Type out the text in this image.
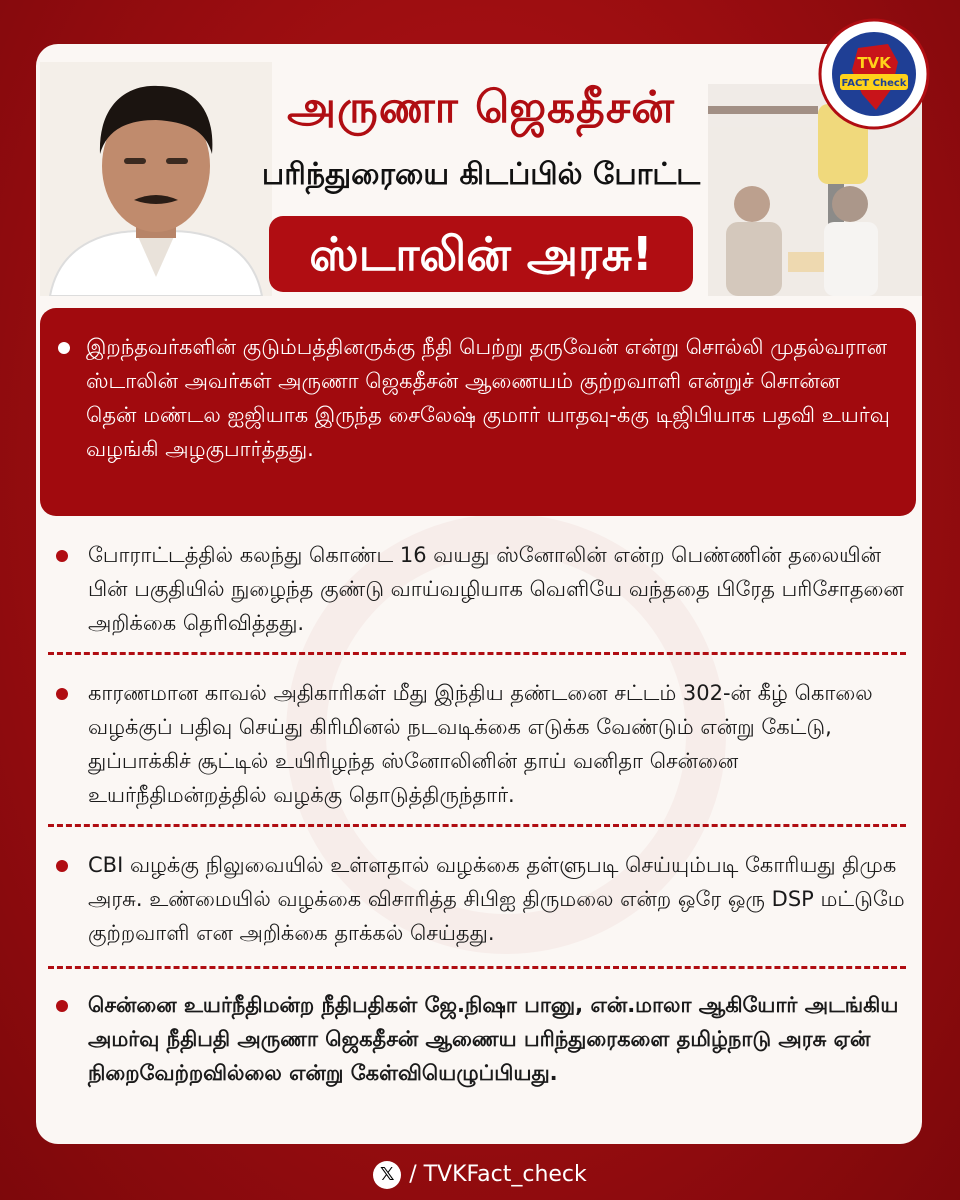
அருணா ஜெகதீசன்
பரிந்துரையை கிடப்பில் போட்ட
ஸ்டாலின் அரசு!

இறந்தவர்களின் குடும்பத்தினருக்கு நீதி பெற்று தருவேன் என்று சொல்லி முதல்வரான ஸ்டாலின் அவர்கள் அருணா ஜெகதீசன் ஆணையம் குற்றவாளி என்றுச் சொன்ன தென் மண்டல ஐஜியாக இருந்த சைலேஷ் குமார் யாதவு-க்கு டிஜிபியாக பதவி உயர்வு வழங்கி அழகுபார்த்தது.

போராட்டத்தில் கலந்து கொண்ட 16 வயது ஸ்னோலின் என்ற பெண்ணின் தலையின் பின் பகுதியில் நுழைந்த குண்டு வாய்வழியாக வெளியே வந்ததை பிரேத பரிசோதனை அறிக்கை தெரிவித்தது.

காரணமான காவல் அதிகாரிகள் மீது இந்திய தண்டனை சட்டம் 302-ன் கீழ் கொலை வழக்குப் பதிவு செய்து கிரிமினல் நடவடிக்கை எடுக்க வேண்டும் என்று கேட்டு, துப்பாக்கிச் சூட்டில் உயிரிழந்த ஸ்னோலினின் தாய் வனிதா சென்னை உயர்நீதிமன்றத்தில் வழக்கு தொடுத்திருந்தார்.

CBI வழக்கு நிலுவையில் உள்ளதால் வழக்கை தள்ளுபடி செய்யும்படி கோரியது திமுக அரசு. உண்மையில் வழக்கை விசாரித்த சிபிஐ திருமலை என்ற ஒரே ஒரு DSP மட்டுமே குற்றவாளி என அறிக்கை தாக்கல் செய்தது.

சென்னை உயர்நீதிமன்ற நீதிபதிகள் ஜே.நிஷா பானு, என்.மாலா ஆகியோர் அடங்கிய அமர்வு நீதிபதி அருணா ஜெகதீசன் ஆணைய பரிந்துரைகளை தமிழ்நாடு அரசு ஏன் நிறைவேற்றவில்லை என்று கேள்வியெழுப்பியது.

TVK
FACT Check
𝕏 / TVKFact_check
